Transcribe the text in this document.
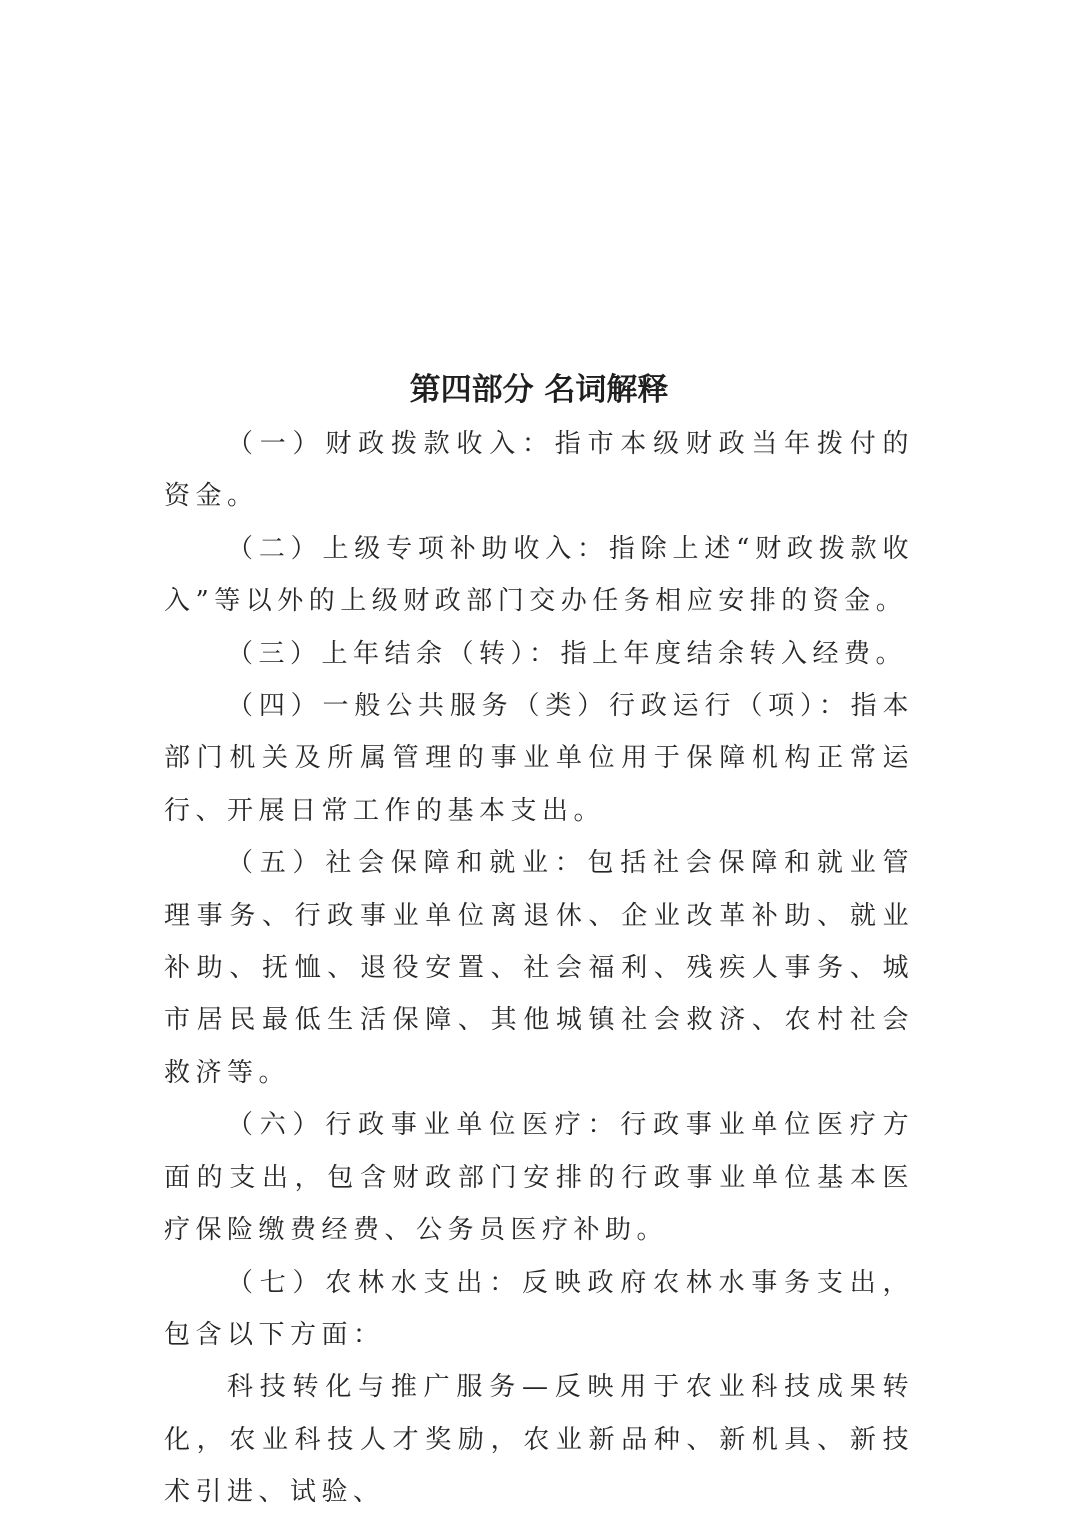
第四部分 名词解释

（一）财政拨款收入：指市本级财政当年拨付的资金。

（二）上级专项补助收入：指除上述“财政拨款收入”等以外的上级财政部门交办任务相应安排的资金。

（三）上年结余（转）：指上年度结余转入经费。

（四）一般公共服务（类）行政运行（项）：指本部门机关及所属管理的事业单位用于保障机构正常运行、开展日常工作的基本支出。

（五）社会保障和就业：包括社会保障和就业管理事务、行政事业单位离退休、企业改革补助、就业补助、抚恤、退役安置、社会福利、残疾人事务、城市居民最低生活保障、其他城镇社会救济、农村社会救济等。

（六）行政事业单位医疗：行政事业单位医疗方面的支出，包含财政部门安排的行政事业单位基本医疗保险缴费经费、公务员医疗补助。

（七）农林水支出：反映政府农林水事务支出，包含以下方面：

科技转化与推广服务—反映用于农业科技成果转化，农业科技人才奖励，农业新品种、新机具、新技术引进、试验、
